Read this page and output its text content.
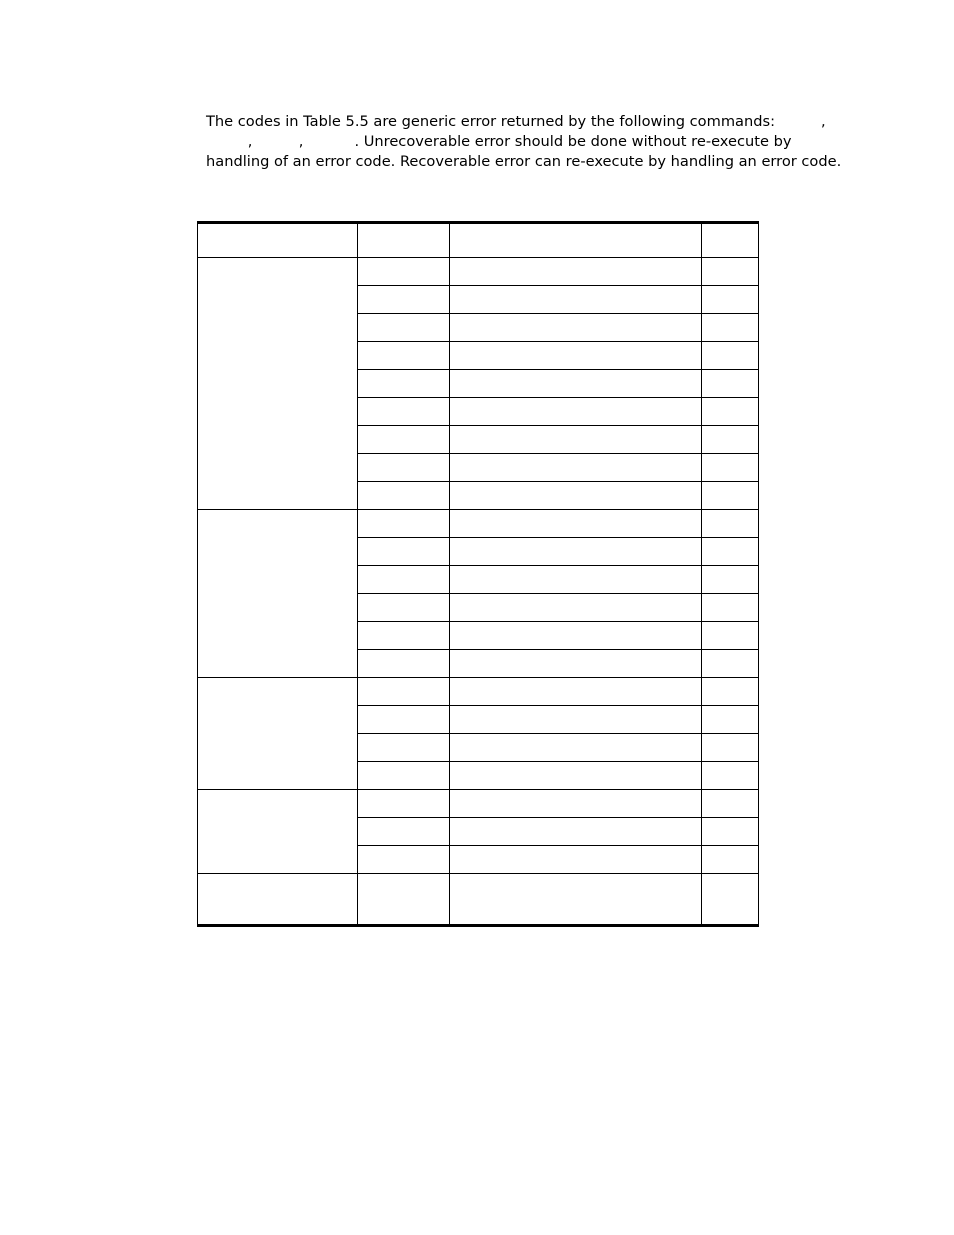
The codes in Table 5.5 are generic error returned by the following commands:	,
,          ,           . Unrecoverable error should be done without re-execute by
handling of an error code. Recoverable error can re-execute by handling an error code.
